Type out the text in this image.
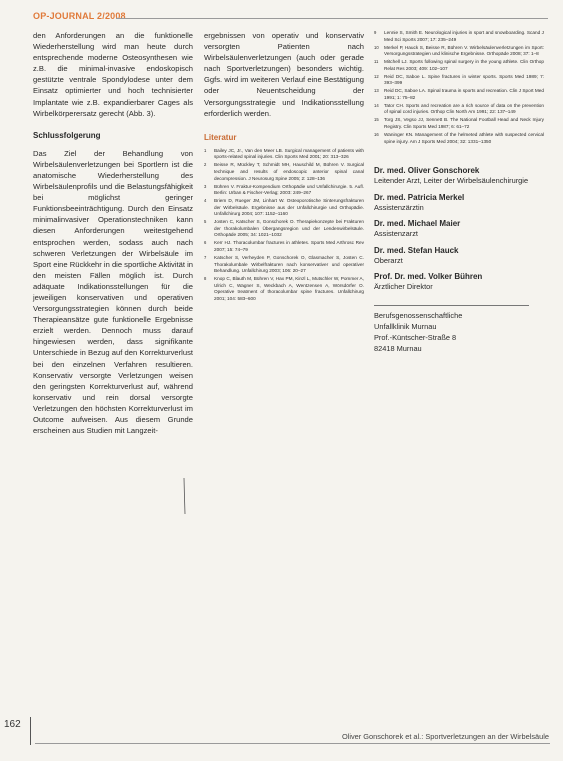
OP-JOURNAL 2/2008

den Anforderungen an die funktionelle Wiederherstellung wird man heute durch entsprechende moderne Osteosynthesen wie z.B. die minimal-invasive endoskopisch gestützte ventrale Spondylodese unter dem Einsatz optimierter und hoch technisierter Implantate wie z.B. expandierbarer Cages als Wirbelkörperersatz gerecht (Abb. 3).

Schlussfolgerung

Das Ziel der Behandlung von Wirbelsäulenverletzungen bei Sportlern ist die anatomische Wiederherstellung des Wirbelsäulenprofils und die Belastungsfähigkeit bei möglichst geringer Funktionsbeeinträchtigung. Durch den Einsatz minimalinvasiver Operationstechniken kann diesen Anforderungen weitestgehend entsprochen werden, sodass auch nach schweren Verletzungen der Wirbelsäule im Sport eine Rückkehr in die sportliche Aktivität in den meisten Fällen möglich ist. Durch adäquate Indikationsstellungen für die jeweiligen konservativen und operativen Versorgungsstrategien können durch beide Therapieansätze gute funktionelle Ergebnisse erzielt werden. Dennoch muss darauf hingewiesen werden, dass signifikante Unterschiede in Bezug auf den Korrekturverlust bei den einzelnen Verfahren resultieren. Konservativ versorgte Verletzungen weisen den geringsten Korrekturverlust auf, während konservativ und rein dorsal versorgte Verletzungen den höchsten Korrekturverlust im Outcome aufweisen. Aus diesem Grunde erscheinen aus Studien mit Langzeit-

ergebnissen von operativ und konservativ versorgten Patienten nach Wirbelsäulenverletzungen (auch oder gerade nach Sportverletzungen) besonders wichtig. Ggfs. wird im weiteren Verlauf eine Bestätigung oder Neuentscheidung der Versorgungsstrategie und Indikationsstellung erforderlich werden.

Literatur
1 Bailey JC, Jr., Van den Meer LB. Surgical management of patients with sports-related spinal injuries. Clin Sports Med 2001; 20: 313–326
2 Beisse R, Mückley T, Schmidt MH, Hauschild M, Bühren V. Surgical technique and results of endoscopic anterior spinal canal decompression. J Neurosurg Spine 2005; 2: 128–136
3 Bühren V. Fraktur-Kompendium Orthopädie und Unfallchirurgie. 5. Aufl. Berlin: Urban & Fischer-Verlag; 2003: 249–267
4 Briem D, Rueger JM, Linhart W. Osteoporotische Sinterungsfrakturen der Wirbelsäule. Ergebnisse aus der Unfallchirurgie und Orthopädie. Unfallchirurg 2004; 107: 1152–1160
5 Josten C, Katscher S, Gonschorek O. Therapiekonzepte bei Frakturen der thorakolumbalen Übergangsregion und der Lendenwirbelsäule. Orthopäde 2005; 34: 1021–1032
6 Kerr HJ. Thoracolumbar fractures in athletes. Sports Med Arthrosc Rev 2007; 15: 74–79
7 Katscher S, Verheyden P, Gonschorek O, Glasmacher S, Josten C. Thorakolumbale Wirbelfrakturen nach konservativer und operativer Behandlung. Unfallchirurg 2003; 106: 20–27
8 Knop C, Blauth M, Bühren V, Hax PM, Kinzl L, Mutschler W, Pommer A, Ulrich C, Wagner S, Weckbach A, Wentzensen A, Wörsdörfer O. Operative treatment of thoracolumbar spine fractures. Unfallchirurg 2001; 104: 583–600
9 Lennie S, Smith E. Neurological injuries in sport and snowboarding. Scand J Med Sci Sports 2007; 17: 235–249
10 Merkel P, Hauck S, Beisse R, Bühren V. Wirbelsäulenverletzungen im Sport: Versorgungsstrategien und klinische Ergebnisse. Orthopäde 2008; 37: 1–8
11 Mitchell LJ. Sports following spinal surgery in the young athlete. Clin Orthop Relat Res 2003; 409: 102–107
12 Reid DC, Saboe L. Spine fractures in winter sports. Sports Med 1989; 7: 393–399
13 Reid DC, Saboe LA. Spinal trauma in sports and recreation. Clin J Sport Med 1991; 1: 75–82
14 Tator CH. Sports and recreation are a rich source of data on the prevention of spinal cord injuries. Orthop Clin North Am 1991; 22: 137–149
15 Torg JS, Vegso JJ, Sennett B. The National Football Head and Neck Injury Registry. Clin Sports Med 1987; 6: 61–72
16 Waninger KN. Management of the helmeted athlete with suspected cervical spine injury. Am J Sports Med 2004; 32: 1331–1350
Dr. med. Oliver Gonschorek
Leitender Arzt, Leiter der Wirbelsäulenchirurgie
Dr. med. Patricia Merkel
Assistenzärztin
Dr. med. Michael Maier
Assistenzarzt
Dr. med. Stefan Hauck
Oberarzt
Prof. Dr. med. Volker Bühren
Ärztlicher Direktor
Berufsgenossenschaftliche
Unfallklinik Murnau
Prof.-Küntscher-Straße 8
82418 Murnau
162
Oliver Gonschorek et al.: Sportverletzungen an der Wirbelsäule
